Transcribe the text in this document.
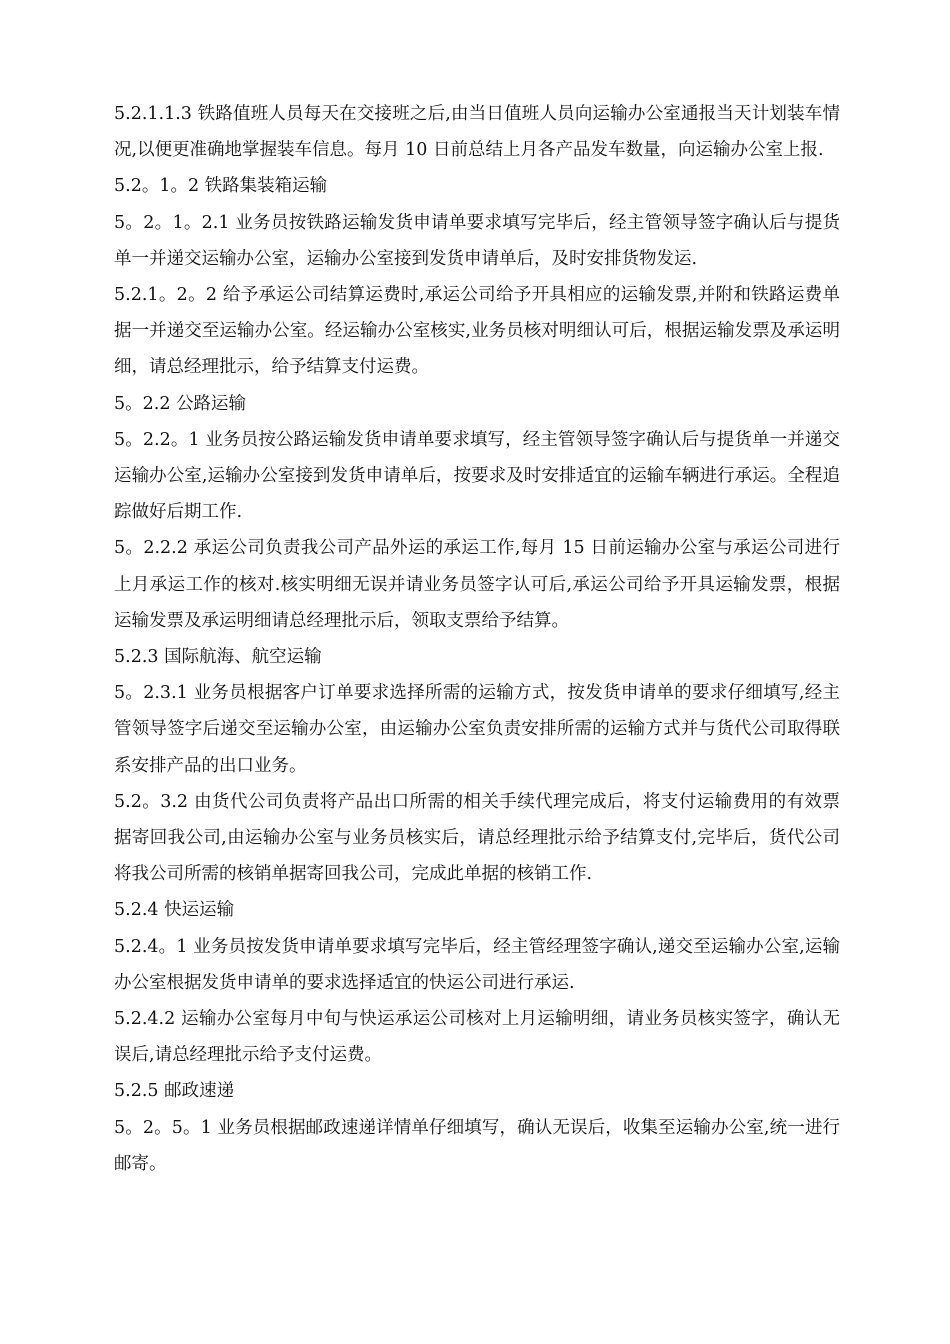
5.2.1.1.3 铁路值班人员每天在交接班之后,由当日值班人员向运输办公室通报当天计划装车情况,以便更准确地掌握装车信息。每月 10 日前总结上月各产品发车数量，向运输办公室上报.

5.2。1。2 铁路集装箱运输

5。2。1。2.1 业务员按铁路运输发货申请单要求填写完毕后，经主管领导签字确认后与提货单一并递交运输办公室，运输办公室接到发货申请单后，及时安排货物发运.

5.2.1。2。2 给予承运公司结算运费时,承运公司给予开具相应的运输发票,并附和铁路运费单据一并递交至运输办公室。经运输办公室核实,业务员核对明细认可后，根据运输发票及承运明细，请总经理批示，给予结算支付运费。

5。2.2 公路运输

5。2.2。1 业务员按公路运输发货申请单要求填写，经主管领导签字确认后与提货单一并递交运输办公室,运输办公室接到发货申请单后，按要求及时安排适宜的运输车辆进行承运。全程追踪做好后期工作.

5。2.2.2 承运公司负责我公司产品外运的承运工作,每月 15 日前运输办公室与承运公司进行上月承运工作的核对.核实明细无误并请业务员签字认可后,承运公司给予开具运输发票，根据运输发票及承运明细请总经理批示后，领取支票给予结算。

5.2.3 国际航海、航空运输

5。2.3.1 业务员根据客户订单要求选择所需的运输方式，按发货申请单的要求仔细填写,经主管领导签字后递交至运输办公室，由运输办公室负责安排所需的运输方式并与货代公司取得联系安排产品的出口业务。

5.2。3.2 由货代公司负责将产品出口所需的相关手续代理完成后，将支付运输费用的有效票据寄回我公司,由运输办公室与业务员核实后，请总经理批示给予结算支付,完毕后，货代公司将我公司所需的核销单据寄回我公司，完成此单据的核销工作.

5.2.4 快运运输

5.2.4。1 业务员按发货申请单要求填写完毕后，经主管经理签字确认,递交至运输办公室,运输办公室根据发货申请单的要求选择适宜的快运公司进行承运.

5.2.4.2 运输办公室每月中旬与快运承运公司核对上月运输明细，请业务员核实签字，确认无误后,请总经理批示给予支付运费。

5.2.5 邮政速递

5。2。5。1 业务员根据邮政速递详情单仔细填写，确认无误后，收集至运输办公室,统一进行邮寄。
